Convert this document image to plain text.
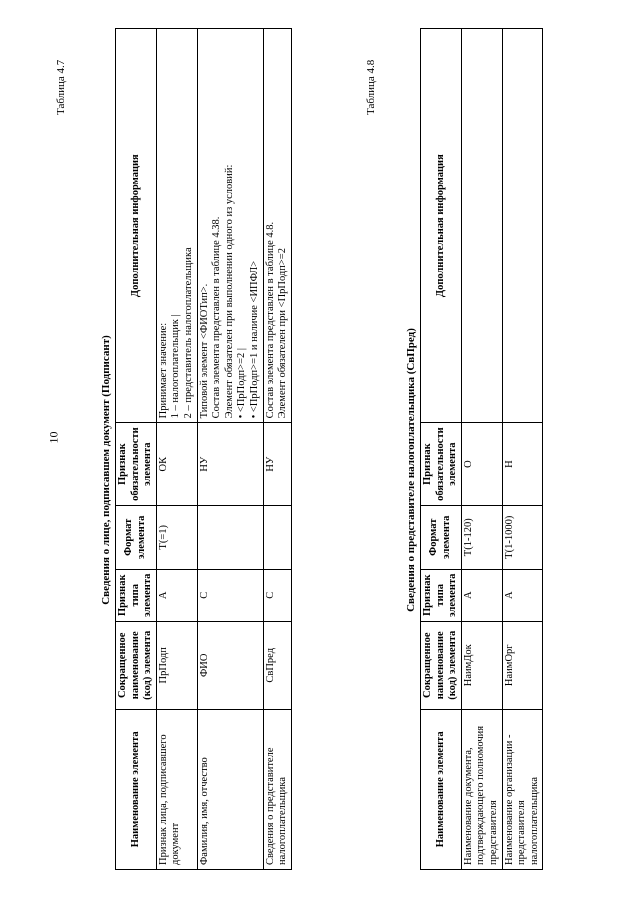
10
Таблица 4.7
Сведения о лице, подписавшем документ (Подписант)
Наименование элемента	Сокращенное наименование (код) элемента	Признак типа элемента	Формат элемента	Признак обязательности элемента	Дополнительная информация
Признак лица, подписавшего документ	ПрПодп	А	T(=1)	ОК	Принимает значение: 1 – налогоплательщик | 2 – представитель налогоплательщика

Фамилия, имя, отчество	ФИО	С		НУ	Типовой элемент <ФИОТип>. Состав элемента представлен в таблице 4.38. Элемент обязателен при выполнении одного из условий: • <ПрПодп>=2 | • <ПрПодп>=1 и наличие <ИПФЛ>

Сведения о представителе налогоплательщика	СвПред	С		НУ	Состав элемента представлен в таблице 4.8. Элемент обязателен при <ПрПодп>=2
Таблица 4.8
Сведения о представителе налогоплательщика (СвПред)
Наименование элемента	Сокращенное наименование (код) элемента	Признак типа элемента	Формат элемента	Признак обязательности элемента	Дополнительная информация
Наименование документа, подтверждающего полномочия представителя	НаимДок	А	T(1-120)	О	

Наименование организации - представителя налогоплательщика	НаимОрг	А	T(1-1000)	Н	
